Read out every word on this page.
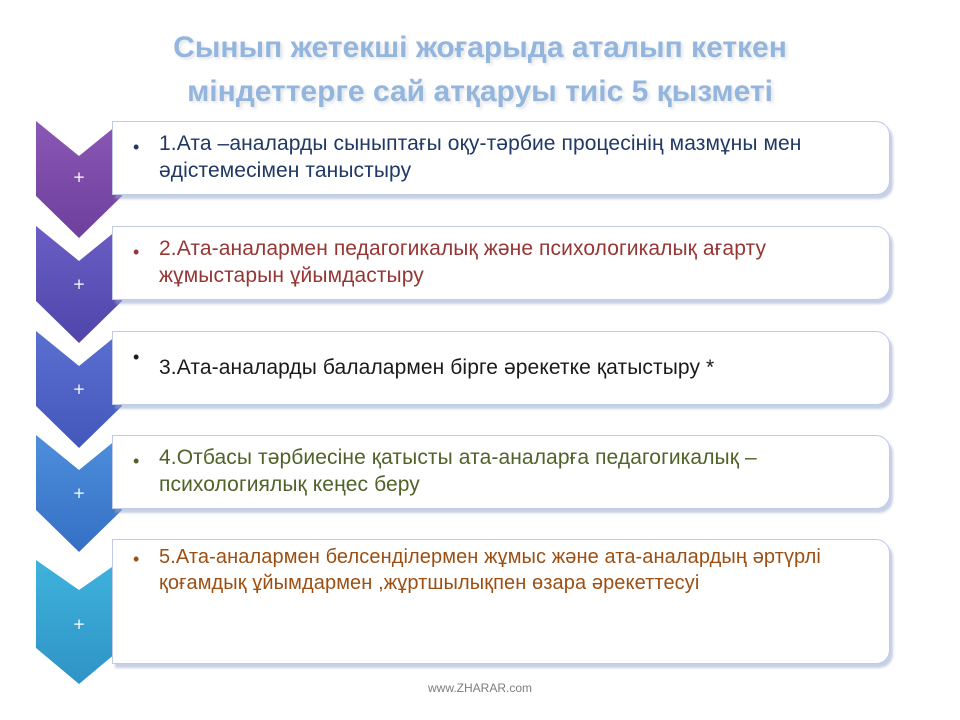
Сынып жетекші жоғарыда аталып кеткен
міндеттерге сай атқаруы тиіс 5 қызметі
+
• 1.Ата –аналарды сыныптағы оқу-тәрбие процесінің мазмұны мен әдістемесімен таныстыру
+
• 2.Ата-аналармен педагогикалық және психологикалық ағарту жұмыстарын ұйымдастыру
+
• 3.Ата-аналарды балалармен бірге әрекетке қатыстыру *
+
• 4.Отбасы тәрбиесіне қатысты ата-аналарға педагогикалық –психологиялық кеңес беру
+
• 5.Ата-аналармен белсенділермен жұмыс және ата-аналардың әртүрлі қоғамдық ұйымдармен ,жұртшылықпен өзара әрекеттесуі
www.ZHARAR.com
